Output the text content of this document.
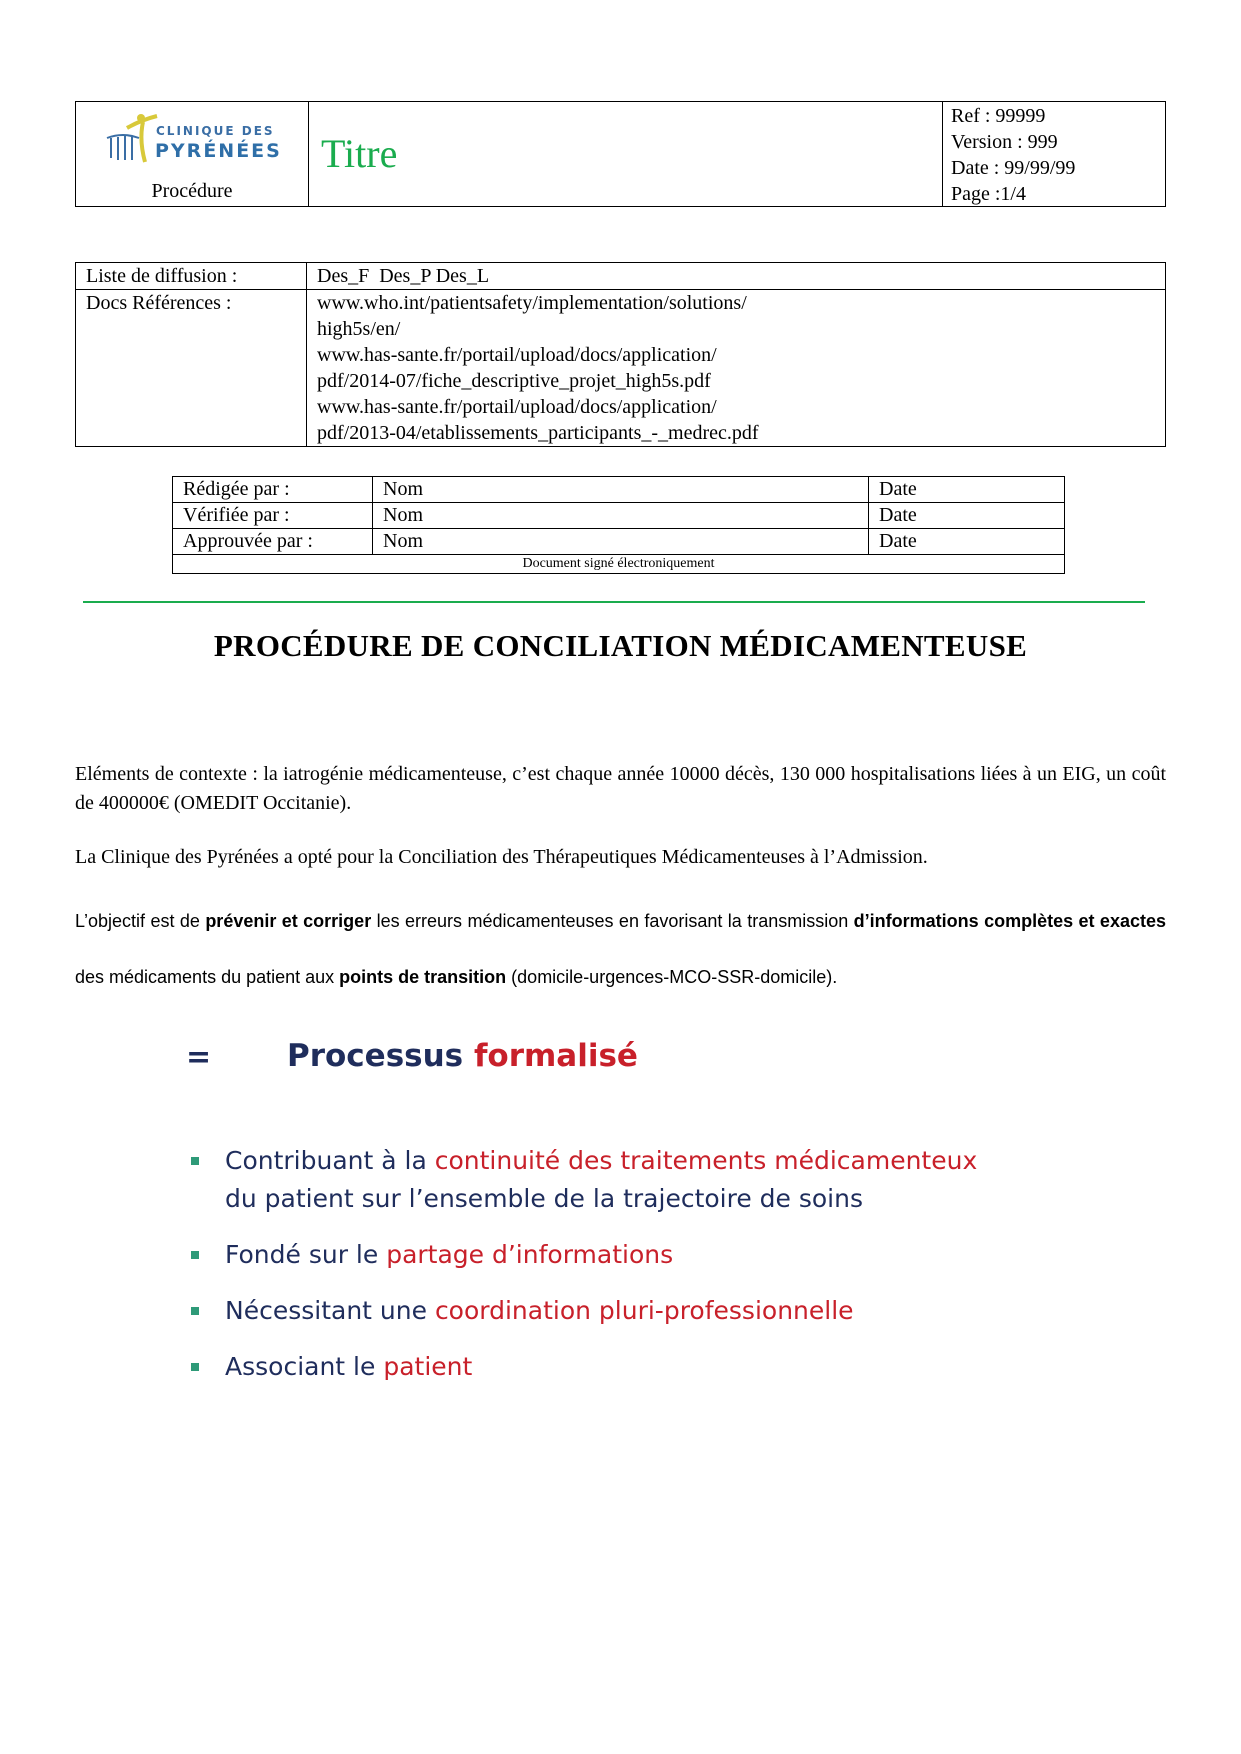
CLINIQUE DES
PYRÉNÉES
Procédure
Titre
Ref : 99999
Version : 999
Date : 99/99/99
Page :1/4
Liste de diffusion :	Des_F  Des_P Des_L
Docs Références :	www.who.int/patientsafety/implementation/solutions/
high5s/en/
www.has-sante.fr/portail/upload/docs/application/
pdf/2014-07/fiche_descriptive_projet_high5s.pdf
www.has-sante.fr/portail/upload/docs/application/
pdf/2013-04/etablissements_participants_-_medrec.pdf
Rédigée par :	Nom	Date
Vérifiée par :	Nom	Date
Approuvée par :	Nom	Date
Document signé électroniquement		
PROCÉDURE DE CONCILIATION MÉDICAMENTEUSE

Eléments de contexte : la iatrogénie médicamenteuse, c’est chaque année 10000 décès, 130 000 hospitalisations liées à un EIG, un coût de 400000€ (OMEDIT Occitanie).

La Clinique des Pyrénées a opté pour la Conciliation des Thérapeutiques Médicamenteuses à l’Admission.

L’objectif est de prévenir et corriger les erreurs médicamenteuses en favorisant la transmission d’informations complètes et exactes des médicaments du patient aux points de transition (domicile-urgences-MCO-SSR-domicile).

= Processus formalisé
Contribuant à la continuité des traitements médicamenteux
du patient sur l’ensemble de la trajectoire de soins
Fondé sur le partage d’informations
Nécessitant une coordination pluri-professionnelle
Associant le patient
